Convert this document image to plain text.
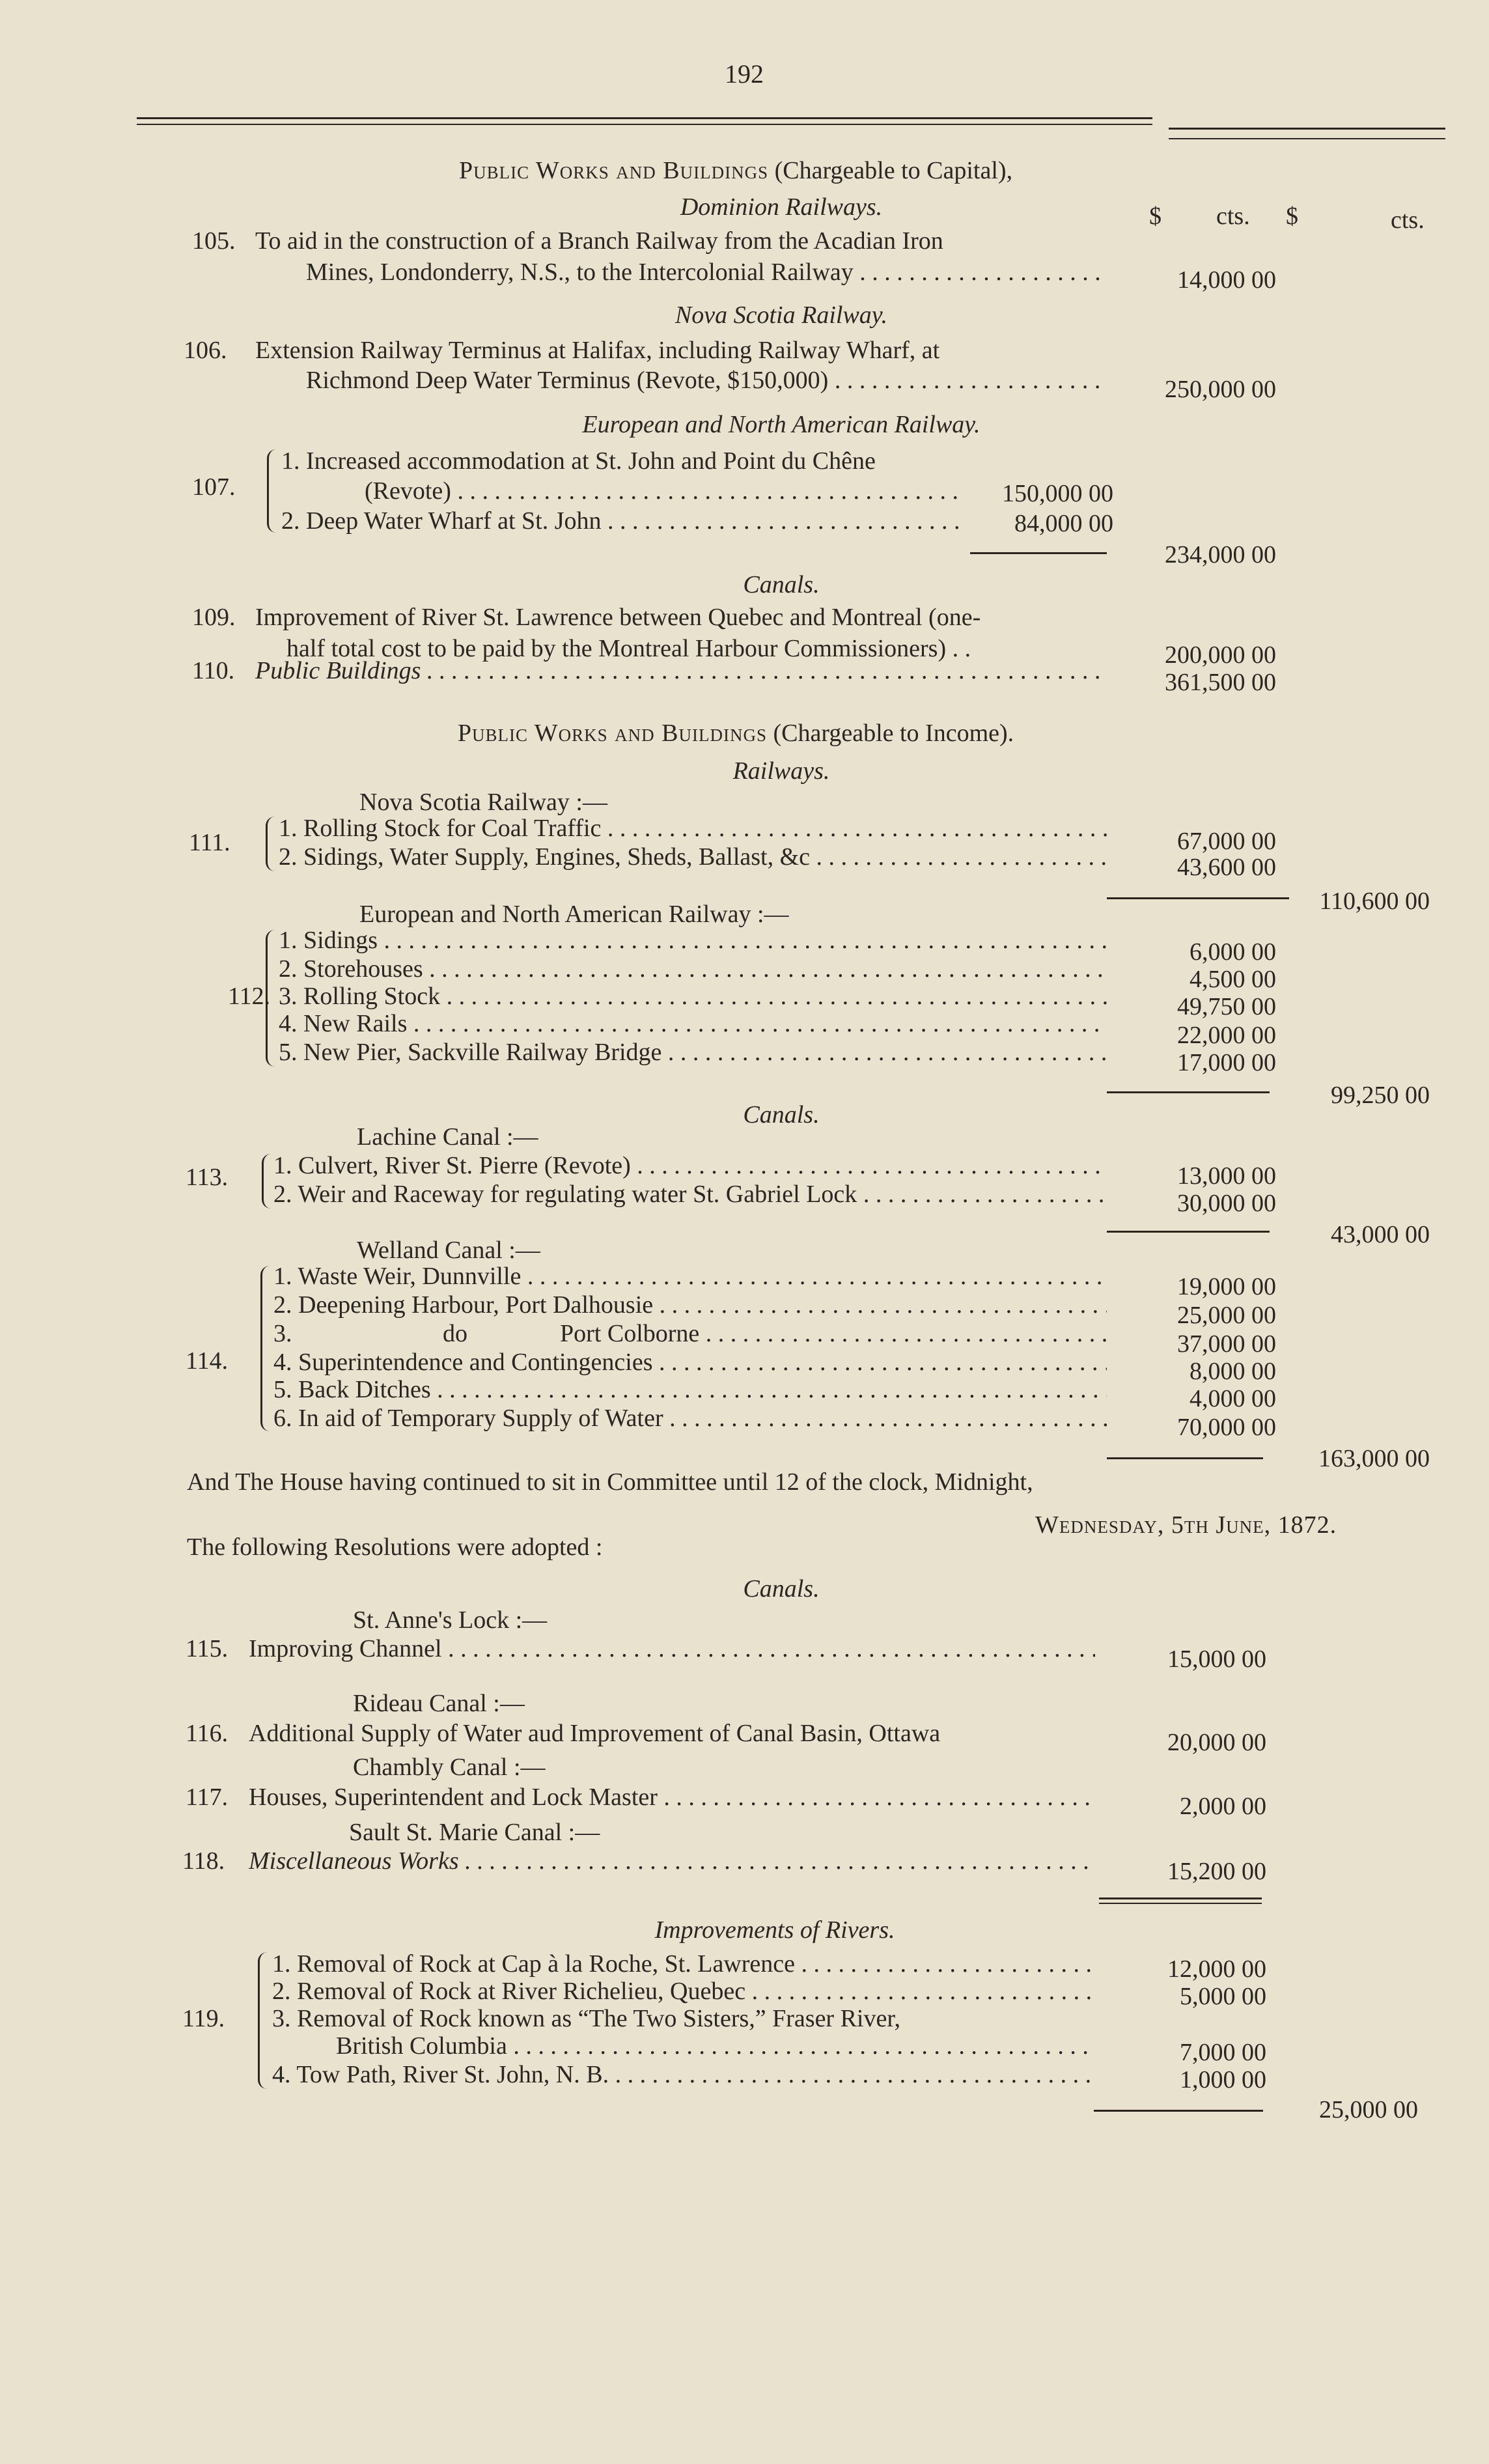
192
Public Works and Buildings (Chargeable to Capital),
Dominion Railways.	$ cts. $	cts.
105. To aid in the construction of a Branch Railway from the Acadian Iron
Mines, Londonderry, N.S., to the Intercolonial Railway . . .	14,000 00
Nova Scotia Railway.
106. Extension Railway Terminus at Halifax, including Railway Wharf, at
Richmond Deep Water Terminus (Revote, $150,000) . . .	250,000 00
European and North American Railway.
107.
1. Increased accommodation at St. John and Point du Chêne
(Revote) . . .	150,000 00
2. Deep Water Wharf at St. John . . .	84,000 00
234,000 00
Canals.
109. Improvement of River St. Lawrence between Quebec and Montreal (one-
half total cost to be paid by the Montreal Harbour Commissioners) . .	200,000 00
110. Public Buildings . . .	361,500 00
Public Works and Buildings (Chargeable to Income).
Railways.
Nova Scotia Railway :—
111.
1. Rolling Stock for Coal Traffic . . .	67,000 00
2. Sidings, Water Supply, Engines, Sheds, Ballast, &c . . .	43,600 00
110,600 00
European and North American Railway :—
112.
1. Sidings . . .	6,000 00
2. Storehouses . . .	4,500 00
3. Rolling Stock . . .	49,750 00
4. New Rails . . .	22,000 00
5. New Pier, Sackville Railway Bridge . . .	17,000 00
99,250 00
Canals.
Lachine Canal :—
113. 1. Culvert, River St. Pierre (Revote) . . .	13,000 00
2. Weir and Raceway for regulating water St. Gabriel Lock . . .	30,000 00
43,000 00
Welland Canal :—
114.
1. Waste Weir, Dunnville . . .	19,000 00
2. Deepening Harbour, Port Dalhousie . . .	25,000 00
3.	do	Port Colborne . . .	37,000 00
4. Superintendence and Contingencies . . .	8,000 00
5. Back Ditches . . .	4,000 00
6. In aid of Temporary Supply of Water . . .	70,000 00
163,000 00
And The House having continued to sit in Committee until 12 of the clock, Midnight,
Wednesday, 5th June, 1872.
The following Resolutions were adopted :
Canals.
St. Anne's Lock :—
115. Improving Channel . . .	15,000 00
Rideau Canal :—
116. Additional Supply of Water aud Improvement of Canal Basin, Ottawa	20,000 00
Chambly Canal :—
117. Houses, Superintendent and Lock Master . . .	2,000 00
Sault St. Marie Canal :—
118. Miscellaneous Works . . .	15,200 00
Improvements of Rivers.
119.
1. Removal of Rock at Cap à la Roche, St. Lawrence . . .	12,000 00
2. Removal of Rock at River Richelieu, Quebec . . .	5,000 00
3. Removal of Rock known as “The Two Sisters,” Fraser River,
British Columbia . . .	7,000 00
4. Tow Path, River St. John, N. B. . . .	1,000 00
25,000 00
